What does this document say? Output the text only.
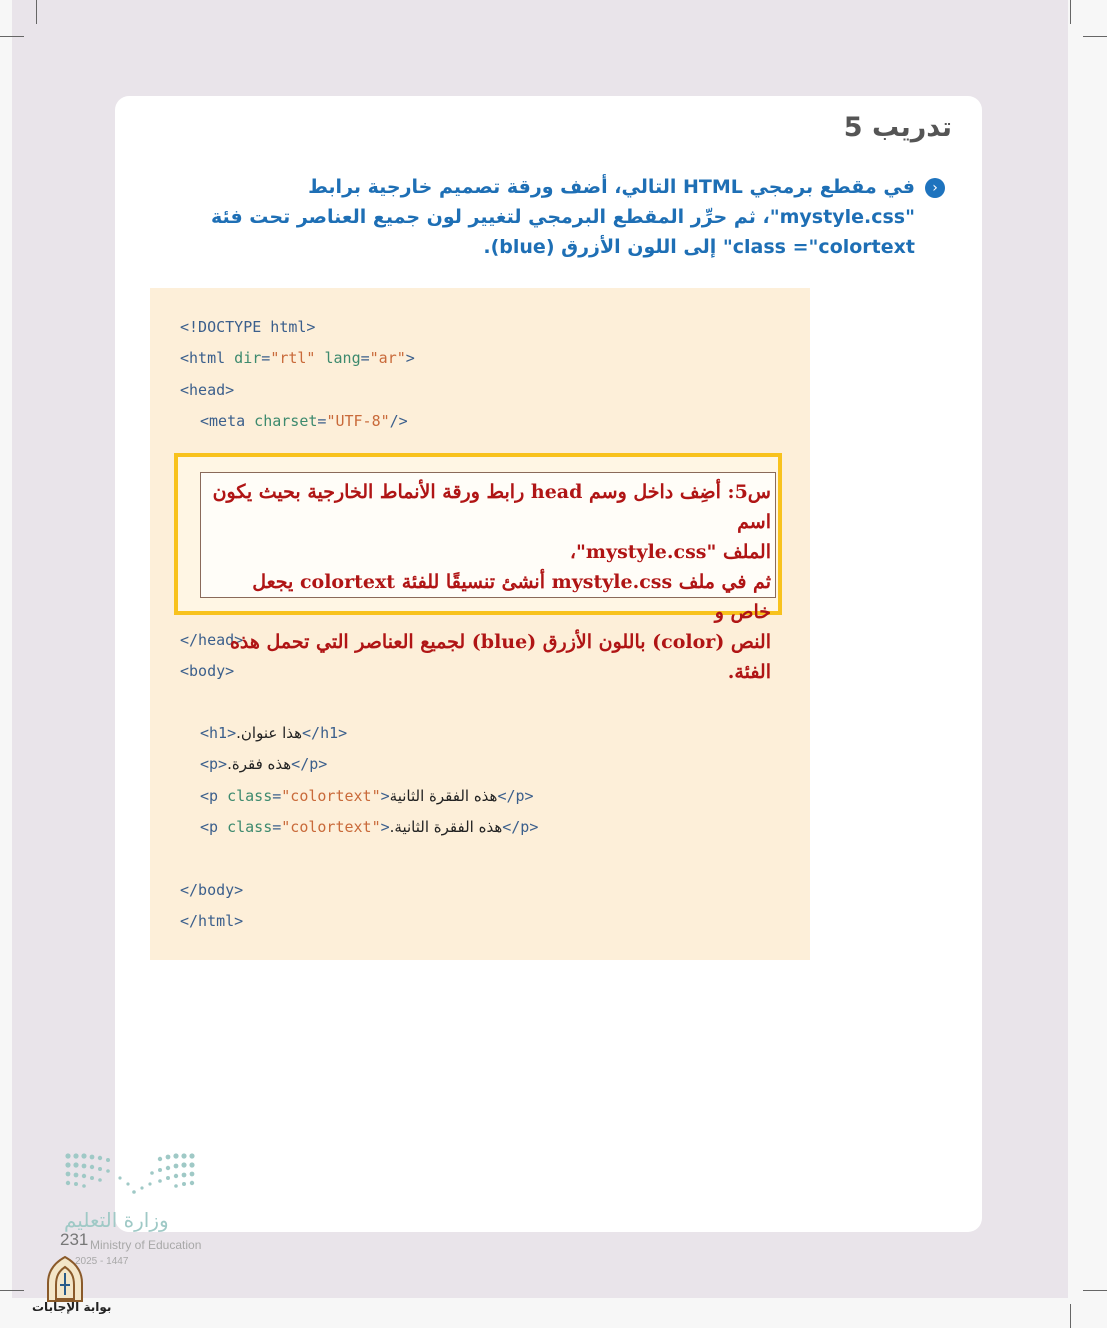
تدريب 5
›

في مقطع برمجي HTML التالي، أضف ورقة تصميم خارجية برابط "mystyle.css"، ثم حرِّر المقطع البرمجي لتغيير لون جميع العناصر تحت فئة class ="colortext" إلى اللون الأزرق (blue).

<!DOCTYPE html>
<html dir="rtl" lang="ar">
<head>
<meta charset="UTF-8"/>
</head>
<body>
<h1>هذا عنوان.</h1>
<p>هذه فقرة.</p>
<p class="colortext">هذه الفقرة الثانية</p>
<p class="colortext">هذه الفقرة الثانية.</p>
</body>
</html>

س5: أضِف داخل وسم head رابط ورقة الأنماط الخارجية بحيث يكون اسم
الملف "mystyle.css"،
ثم في ملف mystyle.css أنشئ تنسيقًا للفئة colortext يجعل خاص و
النص (color) باللون الأزرق (blue) لجميع العناصر التي تحمل هذه الفئة.

وزارة التعليم

Ministry of Education

2025 - 1447

231

بوابة الإجابات
